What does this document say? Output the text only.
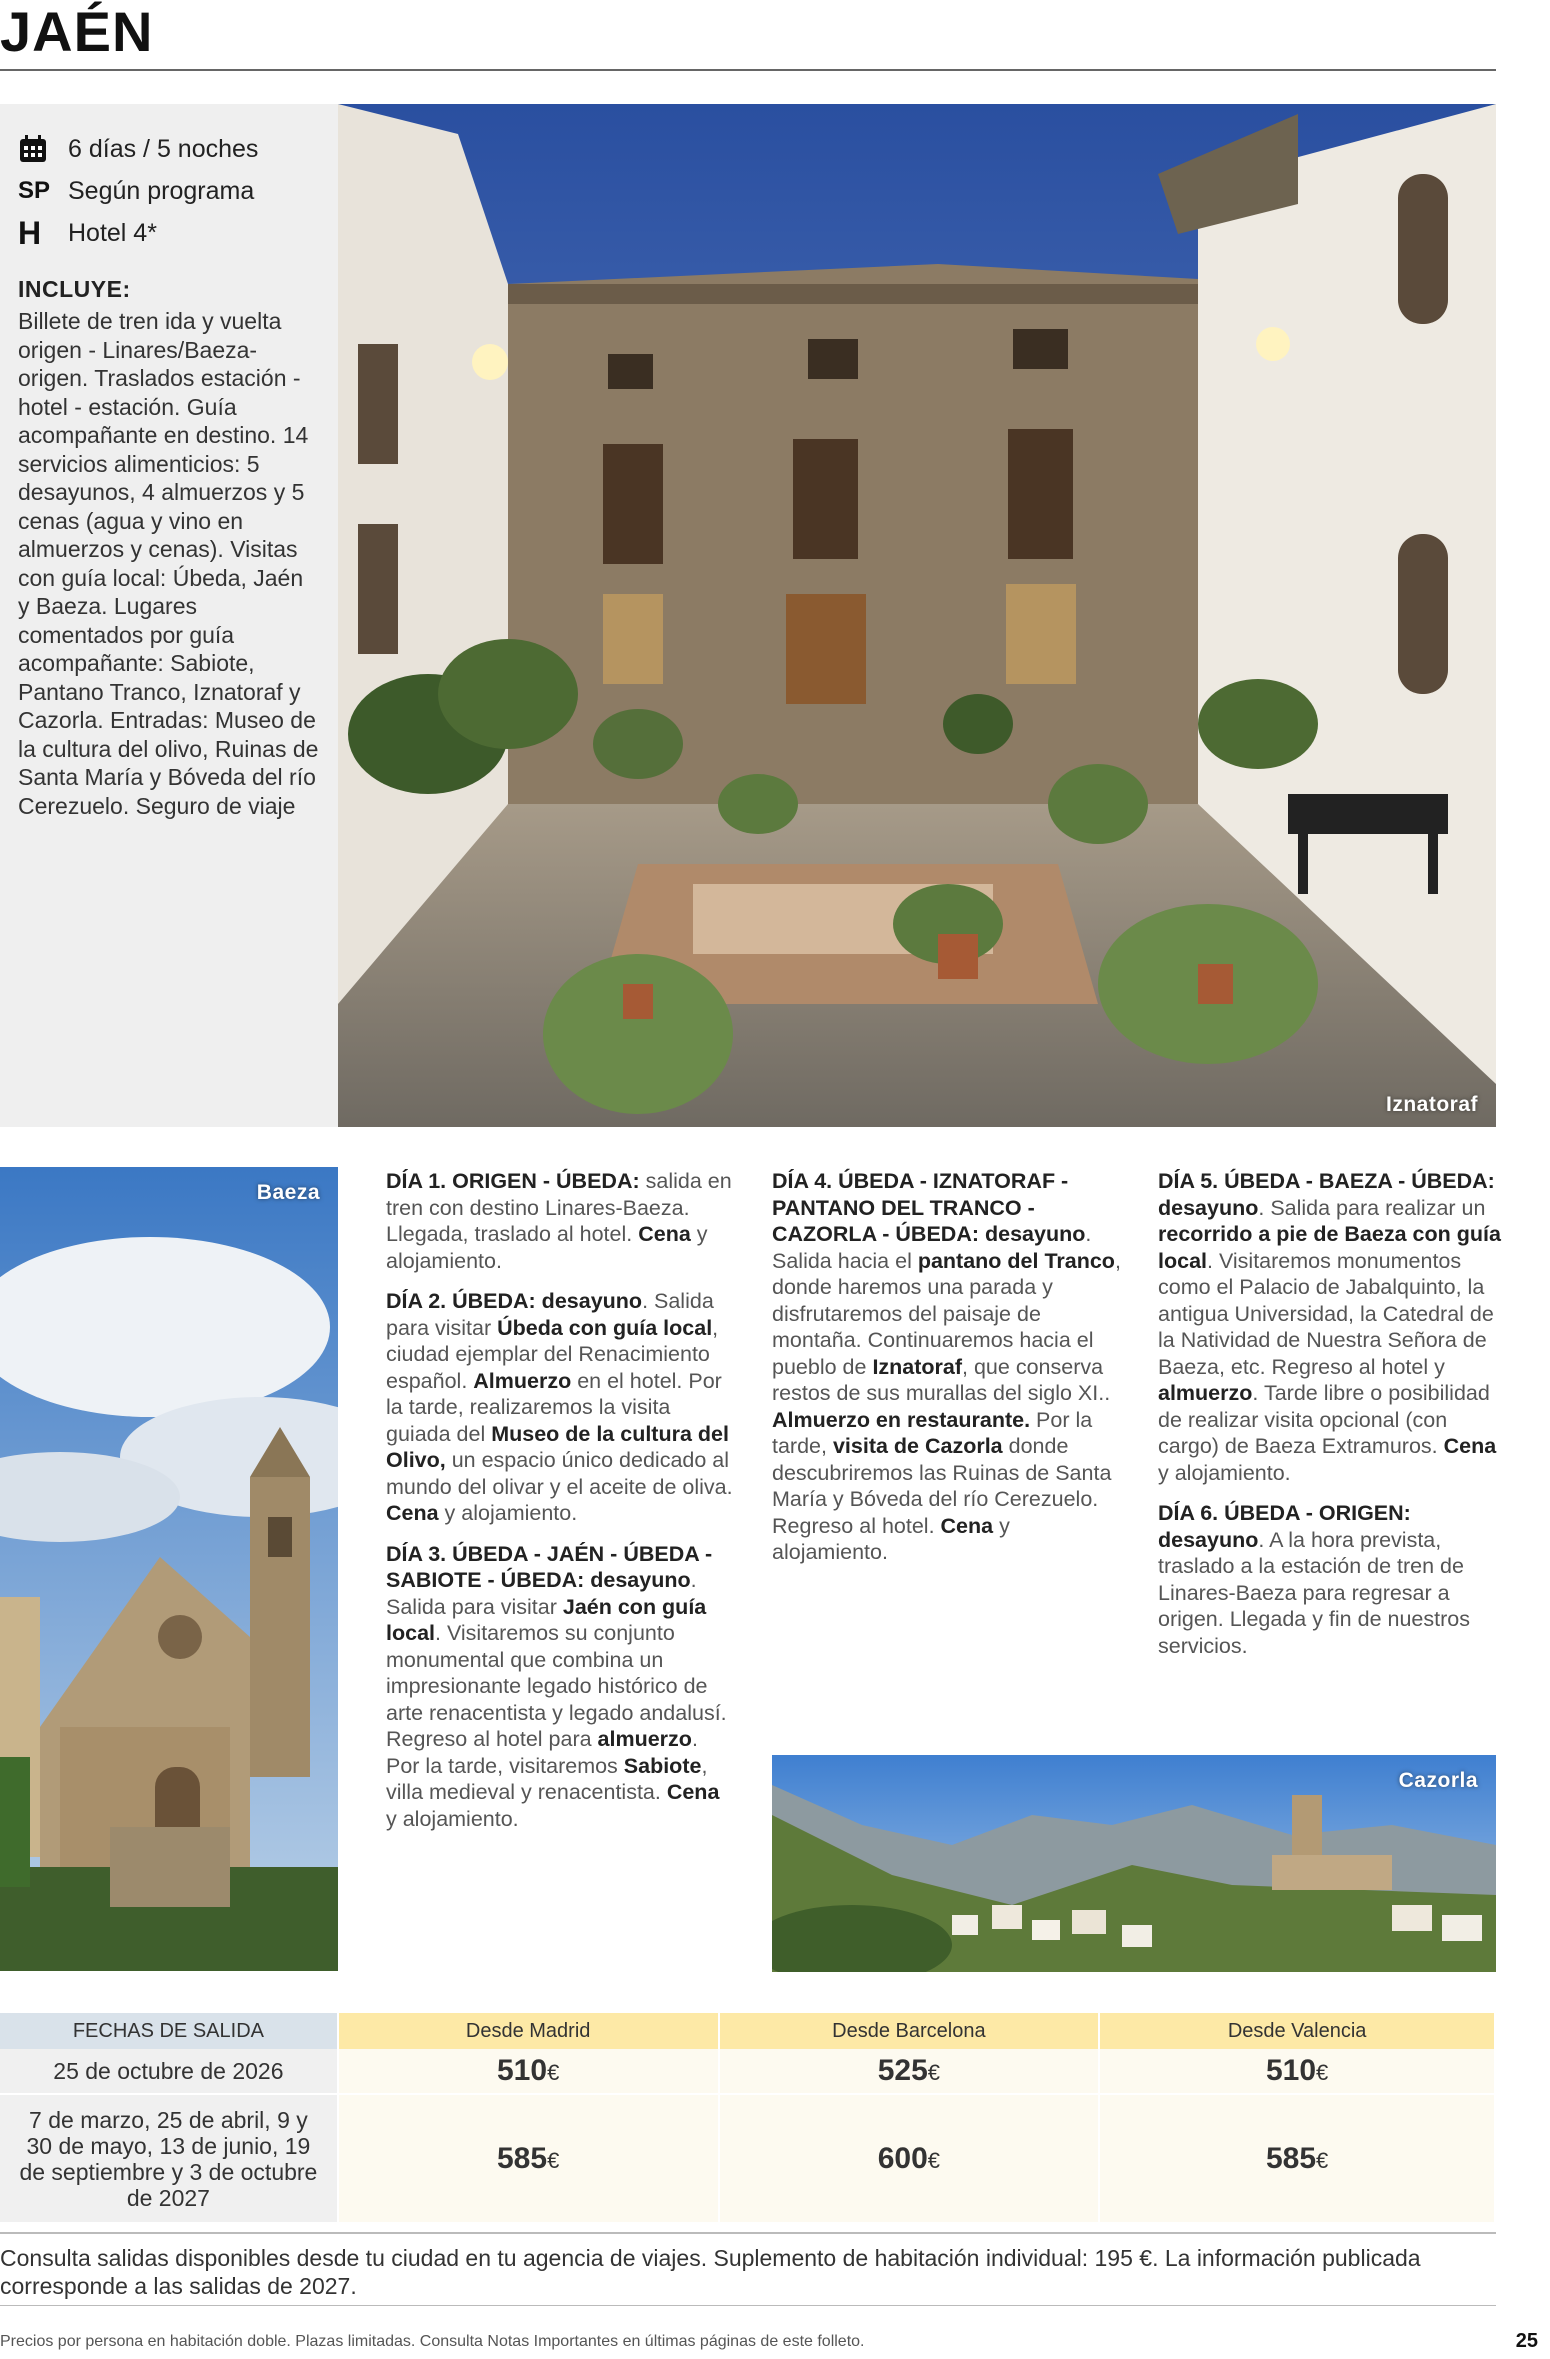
JAÉN
6 días / 5 noches
SP Según programa
H	Hotel 4*
INCLUYE:
Billete de tren ida y vuelta origen - Linares/Baeza-origen. Traslados estación - hotel - estación. Guía acompañante en destino. 14 servicios alimenticios: 5 desayunos, 4 almuerzos y 5 cenas (agua y vino en almuerzos y cenas). Visitas con guía local: Úbeda, Jaén y Baeza. Lugares comentados por guía acompañante: Sabiote, Pantano Tranco, Iznatoraf y Cazorla. Entradas: Museo de la cultura del olivo, Ruinas de Santa María y Bóveda del río Cerezuelo. Seguro de viaje
Iznatoraf
Baeza	DÍA 1. ORIGEN - ÚBEDA: salida en tren con destino Linares-Baeza. Llegada, traslado al hotel. Cena y alojamiento.

DÍA 2. ÚBEDA: desayuno. Salida para visitar Úbeda con guía local, ciudad ejemplar del Renacimiento español. Almuerzo en el hotel. Por la tarde, realizaremos la visita guiada del Museo de la cultura del Olivo, un espacio único dedicado al mundo del olivar y el aceite de oliva. Cena y alojamiento.

DÍA 3. ÚBEDA - JAÉN - ÚBEDA - SABIOTE - ÚBEDA: desayuno. Salida para visitar Jaén con guía local. Visitaremos su conjunto monumental que combina un impresionante legado histórico de arte renacentista y legado andalusí. Regreso al hotel para almuerzo. Por la tarde, visitaremos Sabiote, villa medieval y renacentista. Cena y alojamiento.

DÍA 4. ÚBEDA - IZNATORAF - PANTANO DEL TRANCO - CAZORLA - ÚBEDA: desayuno. Salida hacia el pantano del Tranco, donde haremos una parada y disfrutaremos del paisaje de montaña. Continuaremos hacia el pueblo de Iznatoraf, que conserva restos de sus murallas del siglo XI.. Almuerzo en restaurante. Por la tarde, visita de Cazorla donde descubriremos las Ruinas de Santa María y Bóveda del río Cerezuelo. Regreso al hotel. Cena y alojamiento.

DÍA 5. ÚBEDA - BAEZA - ÚBEDA: desayuno. Salida para realizar un recorrido a pie de Baeza con guía local. Visitaremos monumentos como el Palacio de Jabalquinto, la antigua Universidad, la Catedral de la Natividad de Nuestra Señora de Baeza, etc. Regreso al hotel y almuerzo. Tarde libre o posibilidad de realizar visita opcional (con cargo) de Baeza Extramuros. Cena y alojamiento.

DÍA 6. ÚBEDA - ORIGEN: desayuno. A la hora prevista, traslado a la estación de tren de Linares-Baeza para regresar a origen. Llegada y fin de nuestros servicios.

Cazorla
FECHAS DE SALIDA	Desde Madrid	Desde Barcelona	Desde Valencia
25 de octubre de 2026	510€	525€	510€
7 de marzo, 25 de abril, 9 y 30 de mayo, 13 de junio, 19 de septiembre y 3 de octubre de 2027	585€	600€	585€
Consulta salidas disponibles desde tu ciudad en tu agencia de viajes. Suplemento de habitación individual: 195 €. La información publicada corresponde a las salidas de 2027.
Precios por persona en habitación doble. Plazas limitadas. Consulta Notas Importantes en últimas páginas de este folleto.	25
